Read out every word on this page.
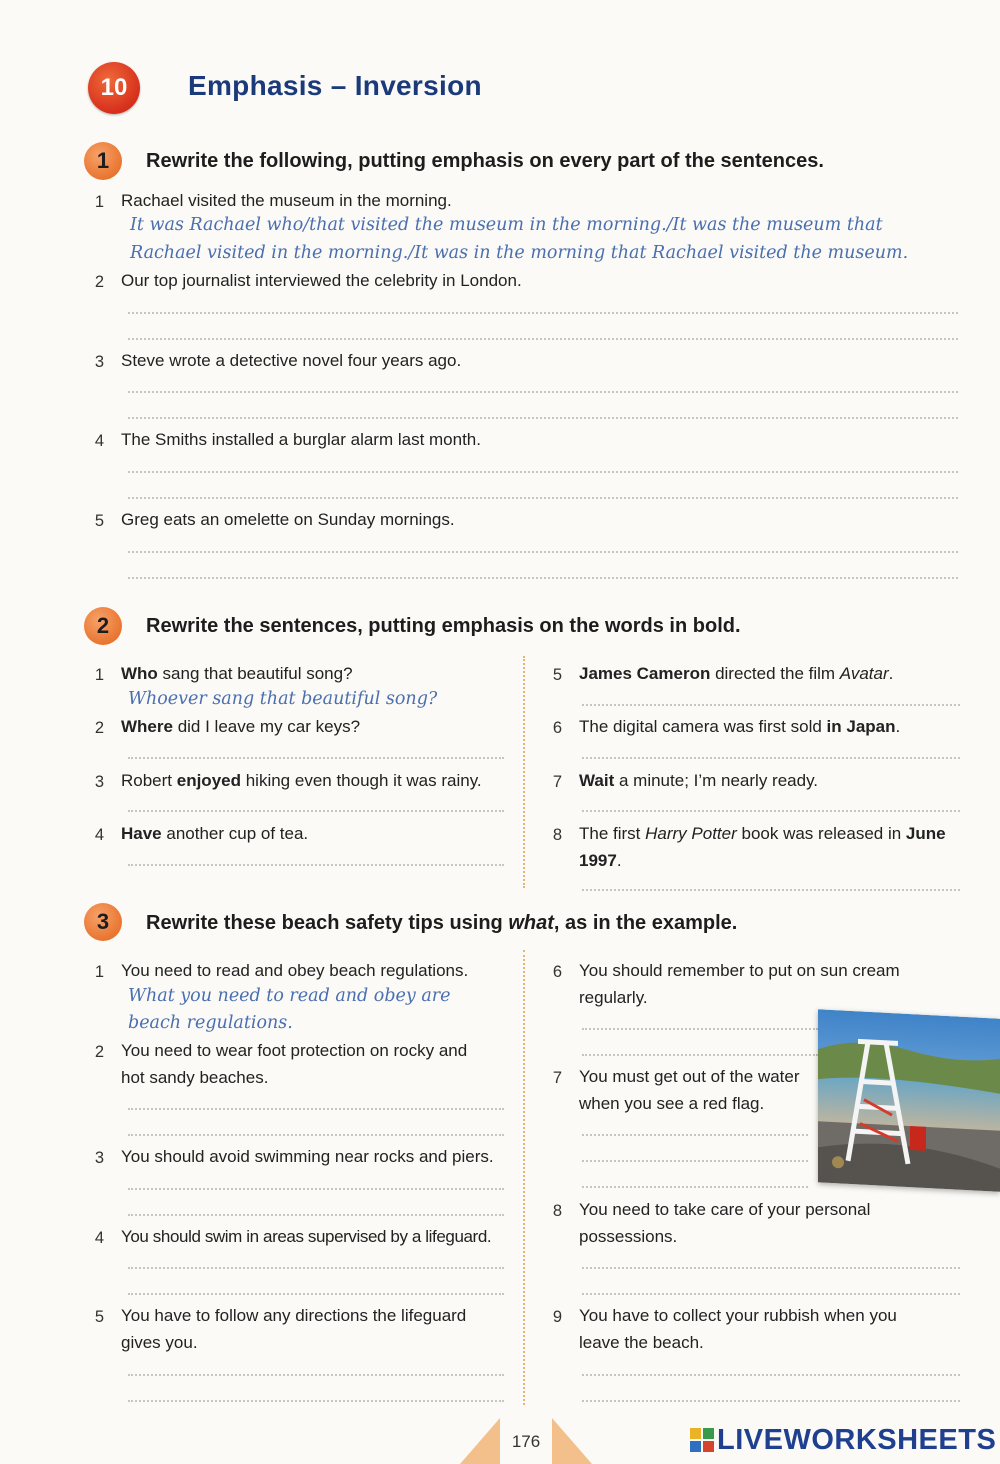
10	Emphasis – Inversion
1	Rewrite the following, putting emphasis on every part of the sentences.
1 Rachael visited the museum in the morning.
It was Rachael who/that visited the museum in the morning./It was the museum that
Rachael visited in the morning./It was in the morning that Rachael visited the museum.
2 Our top journalist interviewed the celebrity in London.
3 Steve wrote a detective novel four years ago.
4 The Smiths installed a burglar alarm last month.
5 Greg eats an omelette on Sunday mornings.
2	Rewrite the sentences, putting emphasis on the words in bold.
1 Who sang that beautiful song?
Whoever sang that beautiful song?
2 Where did I leave my car keys?
3 Robert enjoyed hiking even though it was rainy.
4 Have another cup of tea.
5 James Cameron directed the film Avatar.
6 The digital camera was first sold in Japan.
7 Wait a minute; I’m nearly ready.
8 The first Harry Potter book was released in June
1997.
3	Rewrite these beach safety tips using what, as in the example.
1 You need to read and obey beach regulations.
What you need to read and obey are
beach regulations.
2 You need to wear foot protection on rocky and
hot sandy beaches.
3 You should avoid swimming near rocks and piers.
4 You should swim in areas supervised by a lifeguard.
5 You have to follow any directions the lifeguard
gives you.
6 You should remember to put on sun cream
regularly.
7 You must get out of the water
when you see a red flag.
8 You need to take care of your personal
possessions.
9 You have to collect your rubbish when you
leave the beach.
176	LIVEWORKSHEETS
